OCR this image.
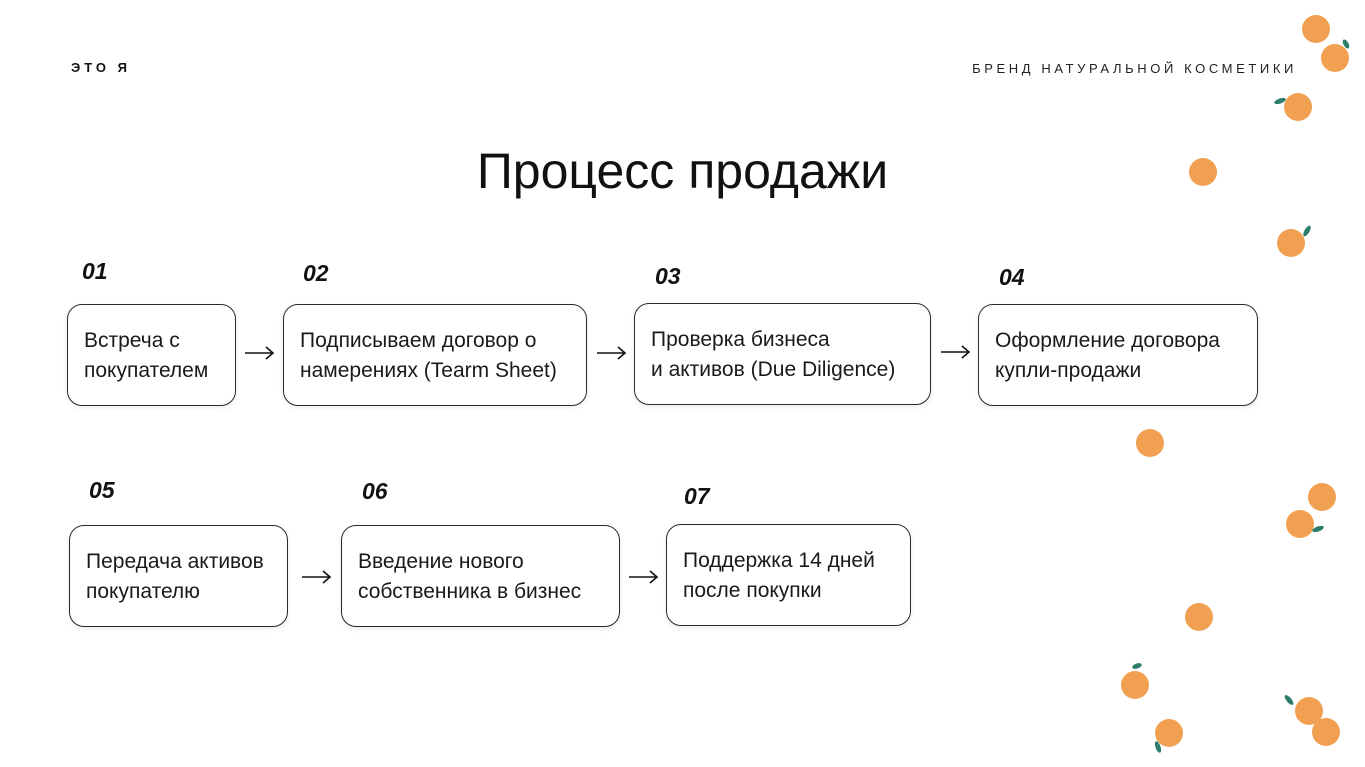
ЭТО Я	БРЕНД НАТУРАЛЬНОЙ КОСМЕТИКИ
Процесс продажи
01
Встреча с
покупателем
02
Подписываем договор о
намерениях (Tearm Sheet)
03
Проверка бизнеса
и активов (Due Diligence)
04
Оформление договора
купли-продажи
05
Передача активов
покупателю
06
Введение нового
собственника в бизнес
07
Поддержка 14 дней
после покупки
